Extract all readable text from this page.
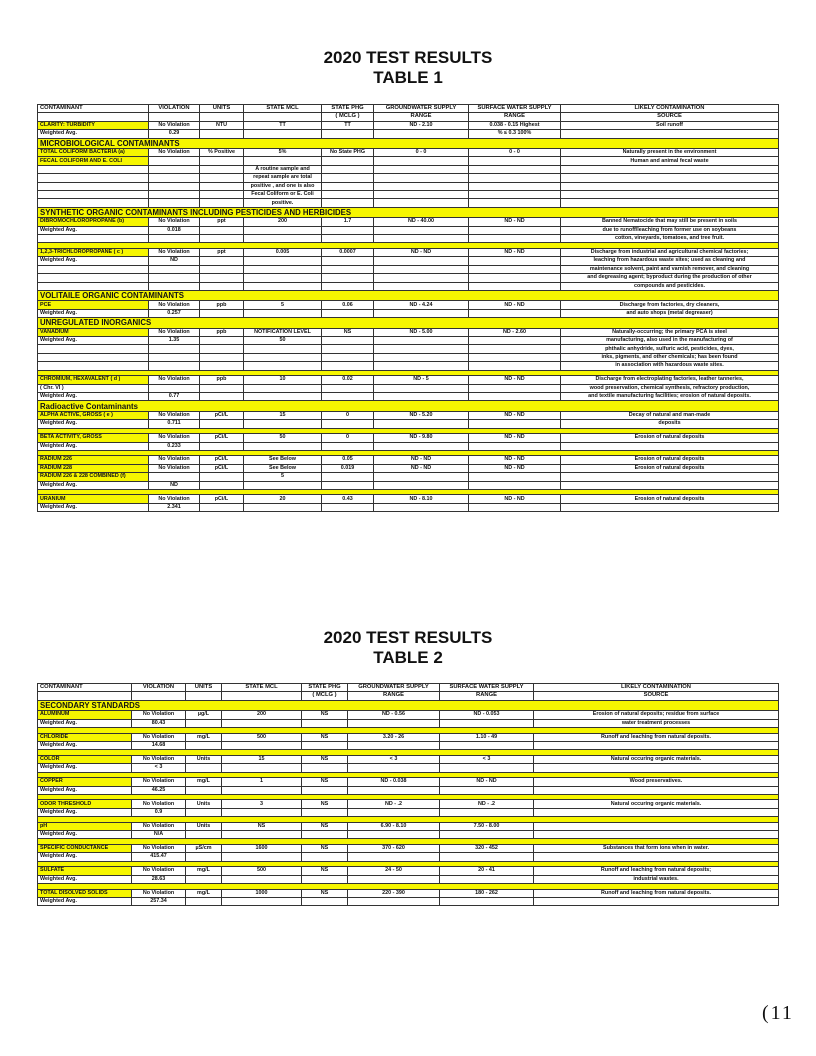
2020 TEST RESULTS
TABLE 1
CONTAMINANT	VIOLATION	UNITS	STATE MCL	STATE PHG	GROUNDWATER SUPPLY	SURFACE WATER SUPPLY	LIKELY CONTAMINATION
				( MCLG )	RANGE	RANGE	SOURCE
CLARITY: TURBIDITY	No Violation	NTU	TT	TT	ND - 2.10	0.038 - 0.15 Highest	Soil runoff
Weighted Avg.	0.29					% ≤ 0.3 100%	
MICROBIOLOGICAL CONTAMINANTS							
TOTAL COLIFORM BACTERIA (a)	No Violation	% Positive	5%	No State PHG	0 - 0	0 - 0	Naturally present in the environment
FECAL COLIFORM AND E. COLI							Human and animal fecal waste
			A routine sample and				
			repeat sample are total				
			positive , and one is also				
			Fecal Coliform or E. Coli				
			positive.				
SYNTHETIC ORGANIC CONTAMINANTS INCLUDING PESTICIDES AND HERBICIDES							
DIBROMOCHLOROPROPANE (b)	No Violation	ppt	200	1.7	ND - 40.00	ND - ND	Banned Nematocide that may still be present in soils
Weighted Avg.	0.018						due to runoff/leaching from former use on soybeans
							cotton, vineyards, tomatoes, and tree fruit.

1,2,3-TRICHLOROPROPANE ( c )	No Violation	ppt	0.005	0.0007	ND - ND	ND - ND	Discharge from industrial and agricultural chemical factories;
Weighted Avg.	ND						leaching from hazardous waste sites; used as cleaning and
							maintenance solvent, paint and varnish remover, and cleaning
							and degreasing agent; byproduct during the production of other
							compounds and pesticides.
VOLITAILE ORGANIC CONTAMINANTS							
PCE	No Violation	ppb	5	0.06	ND - 4.24	ND - ND	Discharge from factories, dry cleaners,
Weighted Avg.	0.257						and auto shops (metal degreaser)
UNREGULATED INORGANICS							
VANADIUM	No Violation	ppb	NOTIFICATION LEVEL	NS	ND - 5.00	ND - 2.60	Naturally-occurring; the primary PCA is steel
Weighted Avg.	1.35		50				manufacturing, also used in the manufacturing of
							phthalic anhydride, sulfuric acid, pesticides, dyes,
							inks, pigments, and other chemicals; has been found
							in association with hazardous waste sites.

CHROMIUM, HEXAVALENT ( d )	No Violation	ppb	10	0.02	ND - 5	ND - ND	Discharge from electroplating factories, leather tanneries,
( Chr. VI )							wood preservation, chemical synthesis, refractory production,
Weighted Avg.	0.77						and textile manufacturing facilities; erosion of natural deposits.
Radioactive Contaminants							
ALPHA ACTIVE, GROSS ( e )	No Violation	pCi/L	15	0	ND - 5.20	ND - ND	Decay of natural and man-made
Weighted Avg.	0.711						deposits

BETA ACTIVITY, GROSS	No Violation	pCi/L	50	0	ND - 9.80	ND - ND	Erosion of natural deposits
Weighted Avg.	0.233						

RADIUM 226	No Violation	pCi/L	See Below	0.05	ND - ND	ND - ND	Erosion of natural deposits
RADIUM 228	No Violation	pCi/L	See Below	0.019	ND - ND	ND - ND	Erosion of natural deposits
RADIUM 226 & 228 COMBINED (f)			5				
Weighted Avg.	ND						

URANIUM	No Violation	pCi/L	20	0.43	ND - 8.10	ND - ND	Erosion of natural deposits
Weighted Avg.	2.341						
2020 TEST RESULTS
TABLE 2
CONTAMINANT	VIOLATION	UNITS	STATE MCL	STATE PHG	GROUNDWATER SUPPLY	SURFACE WATER SUPPLY	LIKELY CONTAMINATION
				( MCLG )	RANGE	RANGE	SOURCE
SECONDARY STANDARDS							
ALUMINUM	No Violation	µg/L	200	NS	ND - 0.56	ND - 0.053	Erosion of natural deposits; residue from surface
Weighted Avg.	80.43						water treatment processes

CHLORIDE	No Violation	mg/L	500	NS	3.20 - 26	1.10 - 49	Runoff and leaching from natural deposits.
Weighted Avg.	14.68						

COLOR	No Violation	Units	15	NS	< 3	< 3	Natural occuring organic materials.
Weighted Avg.	< 3						

COPPER	No Violation	mg/L	1	NS	ND - 0.038	ND - ND	Wood preservatives.
Weighted Avg.	46.25						

ODOR THRESHOLD	No Violation	Units	3	NS	ND - .2	ND - .2	Natural occuring organic materials.
Weighted Avg.	0.9						

pH	No Violation	Units	NS	NS	6.90 - 8.10	7.50 - 8.00	
Weighted Avg.	N/A						

SPECIFIC CONDUCTANCE	No Violation	µS/cm	1600	NS	370 - 620	320 - 452	Substances that form ions when in water.
Weighted Avg.	415.47						

SULFATE	No Violation	mg/L	500	NS	24 - 50	20 - 41	Runoff and leaching from natural deposits;
Weighted Avg.	28.63						industrial wastes.

TOTAL DISOLVED SOLIDS	No Violation	mg/L	1000	NS	220 - 390	180 - 262	Runoff and leaching from natural deposits.
Weighted Avg.	257.34						
(11
